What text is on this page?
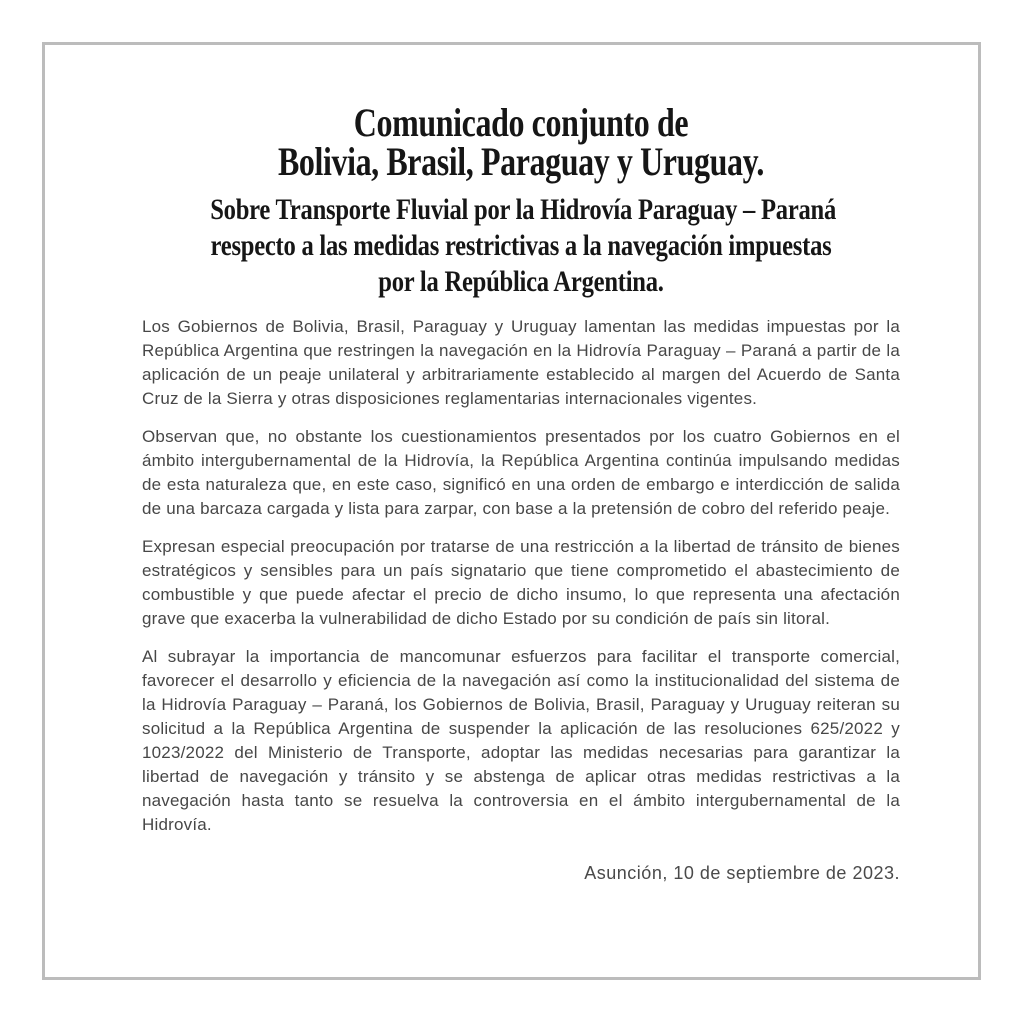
Comunicado conjunto de
Bolivia, Brasil, Paraguay y Uruguay.
Sobre Transporte Fluvial por la Hidrovía Paraguay – Paraná
respecto a las medidas restrictivas a la navegación impuestas
por la República Argentina.

Los Gobiernos de Bolivia, Brasil, Paraguay y Uruguay lamentan las medidas impuestas por la República Argentina que restringen la navegación en la Hidrovía Paraguay – Paraná a partir de la aplicación de un peaje unilateral y arbitrariamente establecido al margen del Acuerdo de Santa Cruz de la Sierra y otras disposiciones reglamentarias internacionales vigentes.

Observan que, no obstante los cuestionamientos presentados por los cuatro Gobiernos en el ámbito intergubernamental de la Hidrovía, la República Argentina continúa impulsando medidas de esta naturaleza que, en este caso, significó en una orden de embargo e interdicción de salida de una barcaza cargada y lista para zarpar, con base a la pretensión de cobro del referido peaje.

Expresan especial preocupación por tratarse de una restricción a la libertad de tránsito de bienes estratégicos y sensibles para un país signatario que tiene comprometido el abastecimiento de combustible y que puede afectar el precio de dicho insumo, lo que representa una afectación grave que exacerba la vulnerabilidad de dicho Estado por su condición de país sin litoral.

Al subrayar la importancia de mancomunar esfuerzos para facilitar el transporte comercial, favorecer el desarrollo y eficiencia de la navegación así como la institucionalidad del sistema de la Hidrovía Paraguay – Paraná, los Gobiernos de Bolivia, Brasil, Paraguay y Uruguay reiteran su solicitud a la República Argentina de suspender la aplicación de las resoluciones 625/2022 y 1023/2022 del Ministerio de Transporte, adoptar las medidas necesarias para garantizar la libertad de navegación y tránsito y se abstenga de aplicar otras medidas restrictivas a la navegación hasta tanto se resuelva la controversia en el ámbito intergubernamental de la Hidrovía.

Asunción, 10 de septiembre de 2023.
